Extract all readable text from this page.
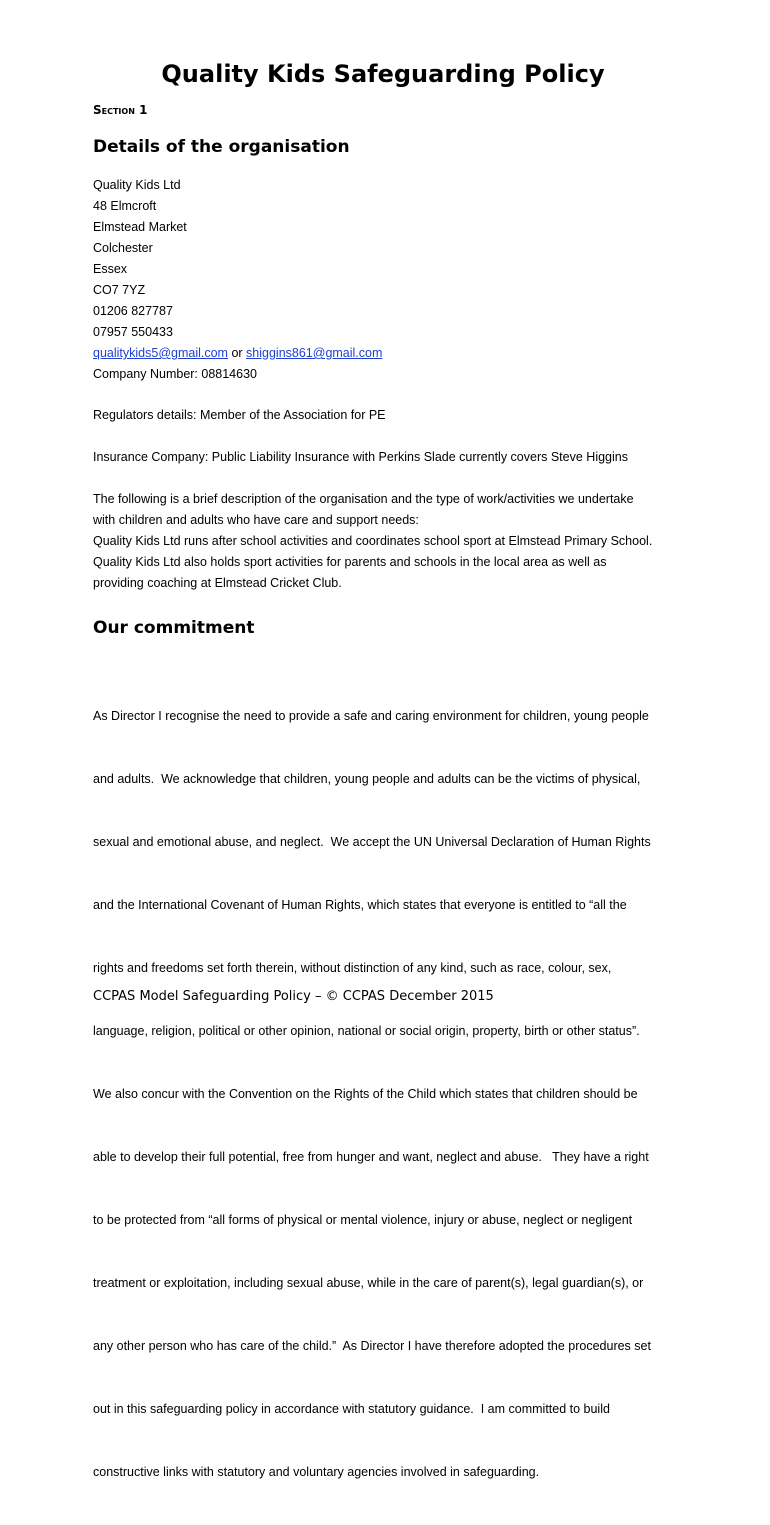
Quality Kids Safeguarding Policy
Section 1
Details of the organisation
Quality Kids Ltd
48 Elmcroft
Elmstead Market
Colchester
Essex
CO7 7YZ
01206 827787
07957 550433
qualitykids5@gmail.com or shiggins861@gmail.com
Company Number: 08814630
Regulators details: Member of the Association for PE
Insurance Company: Public Liability Insurance with Perkins Slade currently covers Steve Higgins
The following is a brief description of the organisation and the type of work/activities we undertake
with children and adults who have care and support needs:
Quality Kids Ltd runs after school activities and coordinates school sport at Elmstead Primary School.
Quality Kids Ltd also holds sport activities for parents and schools in the local area as well as
providing coaching at Elmstead Cricket Club.
Our commitment

As Director I recognise the need to provide a safe and caring environment for children, young people

and adults.  We acknowledge that children, young people and adults can be the victims of physical,

sexual and emotional abuse, and neglect.  We accept the UN Universal Declaration of Human Rights

and the International Covenant of Human Rights, which states that everyone is entitled to “all the

rights and freedoms set forth therein, without distinction of any kind, such as race, colour, sex,

language, religion, political or other opinion, national or social origin, property, birth or other status”.

We also concur with the Convention on the Rights of the Child which states that children should be

able to develop their full potential, free from hunger and want, neglect and abuse.   They have a right

to be protected from “all forms of physical or mental violence, injury or abuse, neglect or negligent

treatment or exploitation, including sexual abuse, while in the care of parent(s), legal guardian(s), or

any other person who has care of the child.”  As Director I have therefore adopted the procedures set

out in this safeguarding policy in accordance with statutory guidance.  I am committed to build

constructive links with statutory and voluntary agencies involved in safeguarding.

CCPAS Model Safeguarding Policy – © CCPAS December 2015
